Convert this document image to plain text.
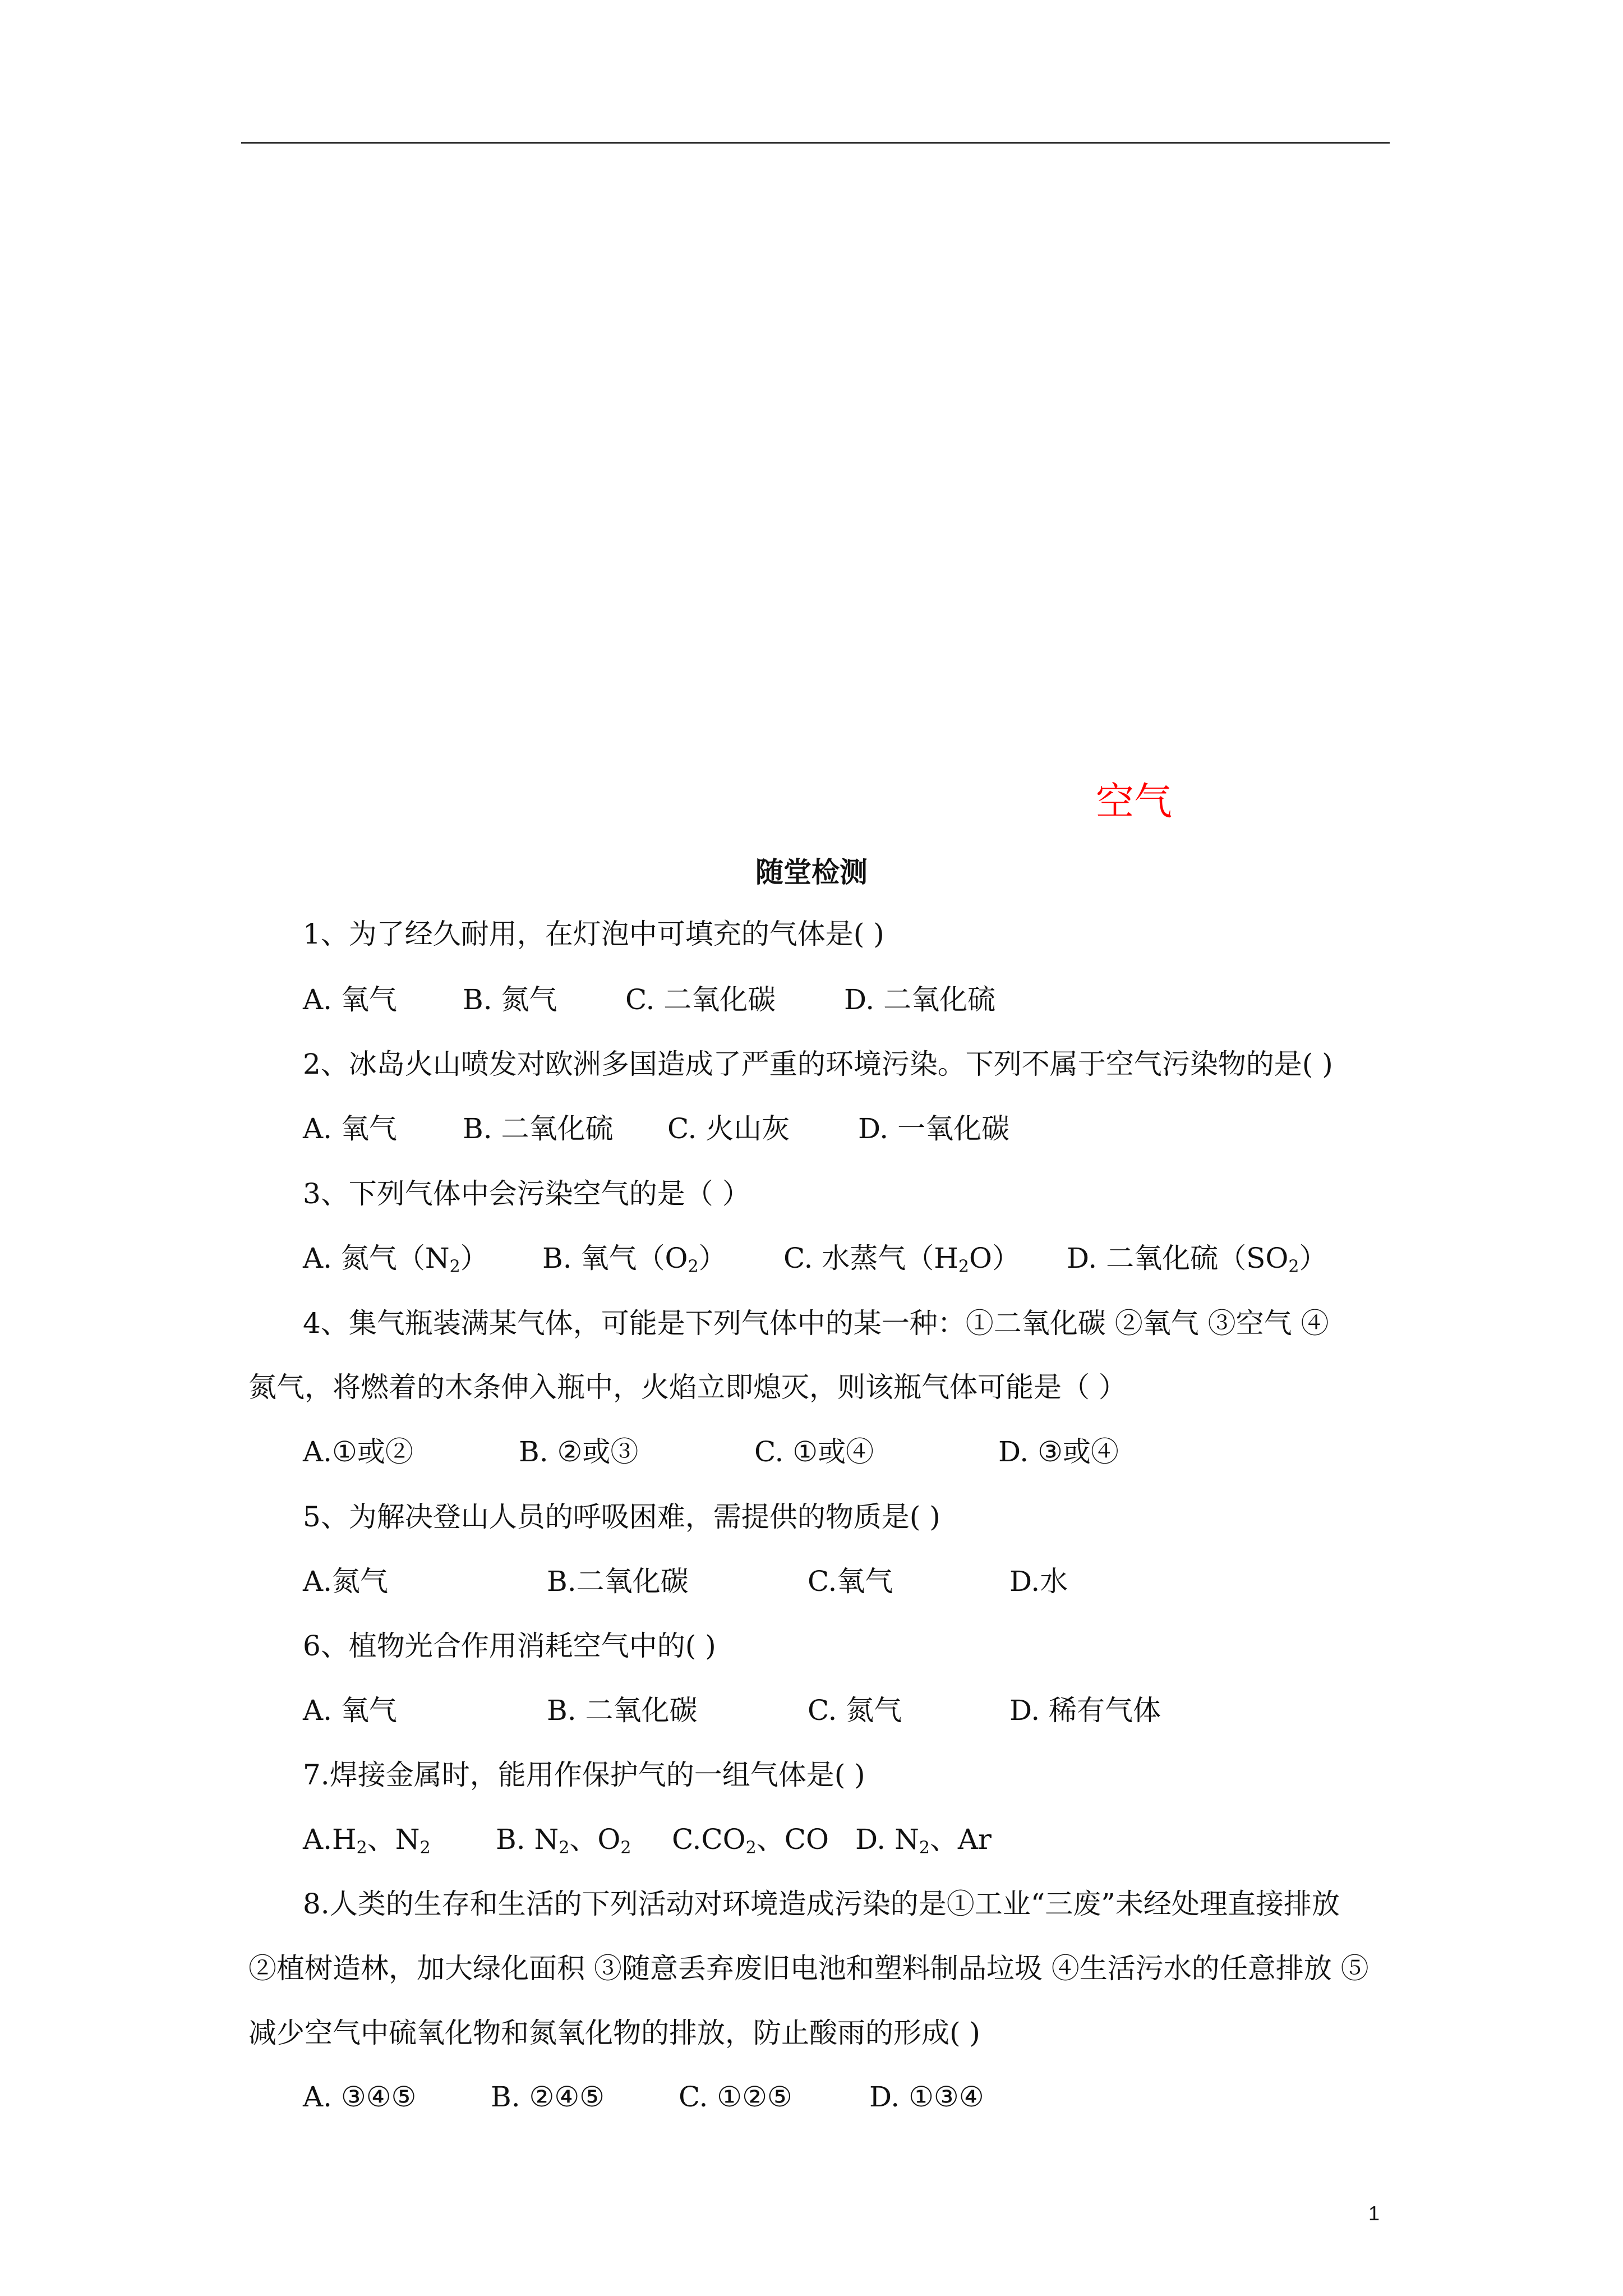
空气
随堂检测
1、为了经久耐用，在灯泡中可填充的气体是( )
A. 氧气 B. 氮气 C. 二氧化碳 D. 二氧化硫
2、冰岛火山喷发对欧洲多国造成了严重的环境污染。下列不属于空气污染物的是( )
A. 氧气 B. 二氧化硫 C. 火山灰 D. 一氧化碳
3、下列气体中会污染空气的是（ ）
A. 氮气$(N_2)$ B. 氧气$(O_2)$ C. 水蒸气$(H_2O)$ D. 二氧化硫$(SO_2)$
4、集气瓶装满某气体，可能是下列气体中的某一种：①二氧化碳 ②氧气 ③空气 ④
氮气，将燃着的木条伸入瓶中，火焰立即熄灭，则该瓶气体可能是（ ）
A.①或②	B. ②或③	C. ①或④	D. ③或④
5、为解决登山人员的呼吸困难，需提供的物质是( )
A.氮气	B.二氧化碳	C.氧气	D.水
6、植物光合作用消耗空气中的( )
A. 氧气	B. 二氧化碳	C. 氮气	D. 稀有气体
7.焊接金属时，能用作保护气的一组气体是( )
$A.H_2$、$N_2$ B. $N_2$、$O_2$ $C.CO_2$、CO D. $N_2$、Ar
8.人类的生存和生活的下列活动对环境造成污染的是①工业“三废”未经处理直接排放
②植树造林，加大绿化面积 ③随意丢弃废旧电池和塑料制品垃圾 ④生活污水的任意排放 ⑤
减少空气中硫氧化物和氮氧化物的排放，防止酸雨的形成( )
A. ③④⑤	B. ②④⑤	C. ①②⑤	D. ①③④
1
